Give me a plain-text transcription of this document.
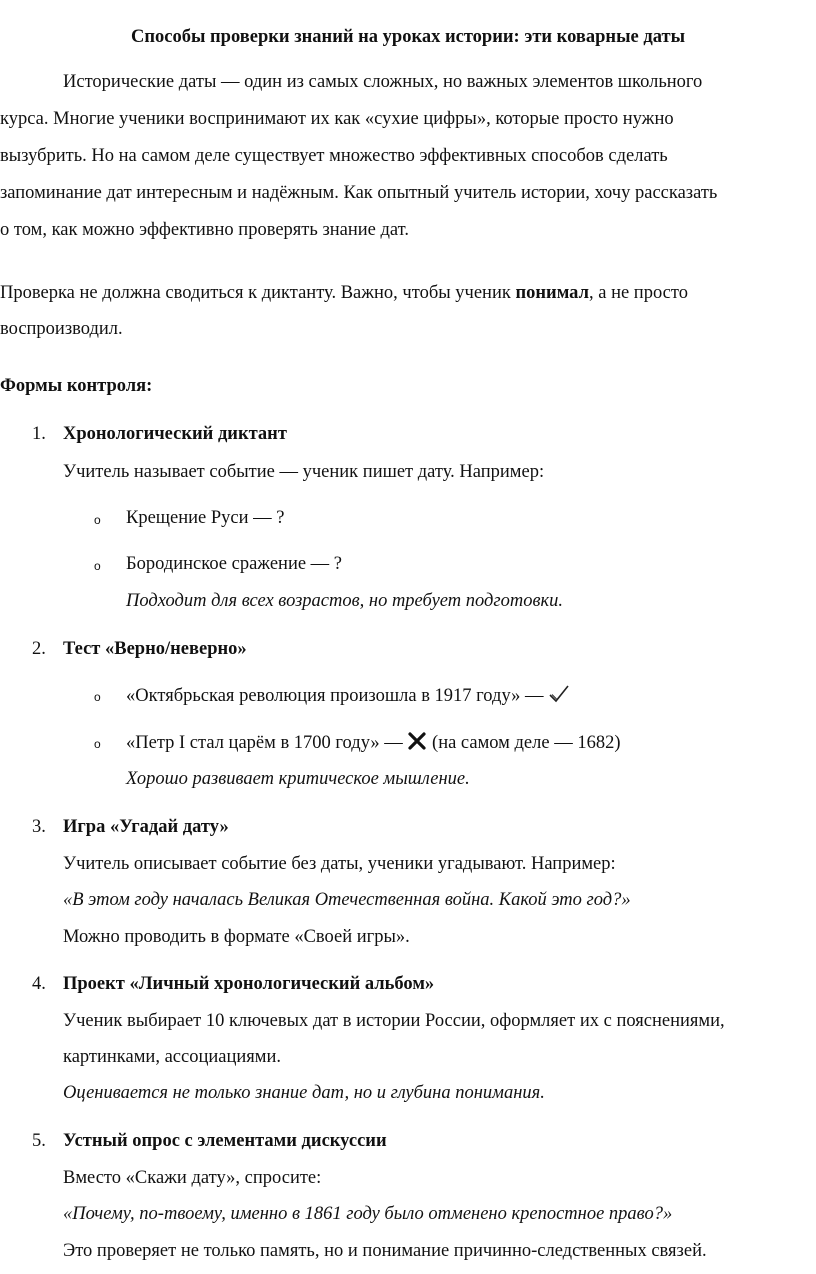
Способы проверки знаний на уроках истории: эти коварные даты
Исторические даты — один из самых сложных, но важных элементов школьного
курса. Многие ученики воспринимают их как «сухие цифры», которые просто нужно
вызубрить. Но на самом деле существует множество эффективных способов сделать
запоминание дат интересным и надёжным. Как опытный учитель истории, хочу рассказать
о том, как можно эффективно проверять знание дат.
Проверка не должна сводиться к диктанту. Важно, чтобы ученик понимал, а не просто
воспроизводил.
Формы контроля:
1. Хронологический диктант
Учитель называет событие — ученик пишет дату. Например:
o Крещение Руси — ?
o Бородинское сражение — ?
Подходит для всех возрастов, но требует подготовки.
2. Тест «Верно/неверно»
o «Октябрьская революция произошла в 1917 году» —
o «Петр I стал царём в 1700 году» —  (на самом деле — 1682)
Хорошо развивает критическое мышление.
3. Игра «Угадай дату»
Учитель описывает событие без даты, ученики угадывают. Например:
«В этом году началась Великая Отечественная война. Какой это год?»
Можно проводить в формате «Своей игры».
4. Проект «Личный хронологический альбом»
Ученик выбирает 10 ключевых дат в истории России, оформляет их с пояснениями,
картинками, ассоциациями.
Оценивается не только знание дат, но и глубина понимания.
5. Устный опрос с элементами дискуссии
Вместо «Скажи дату», спросите:
«Почему, по-твоему, именно в 1861 году было отменено крепостное право?»
Это проверяет не только память, но и понимание причинно-следственных связей.
